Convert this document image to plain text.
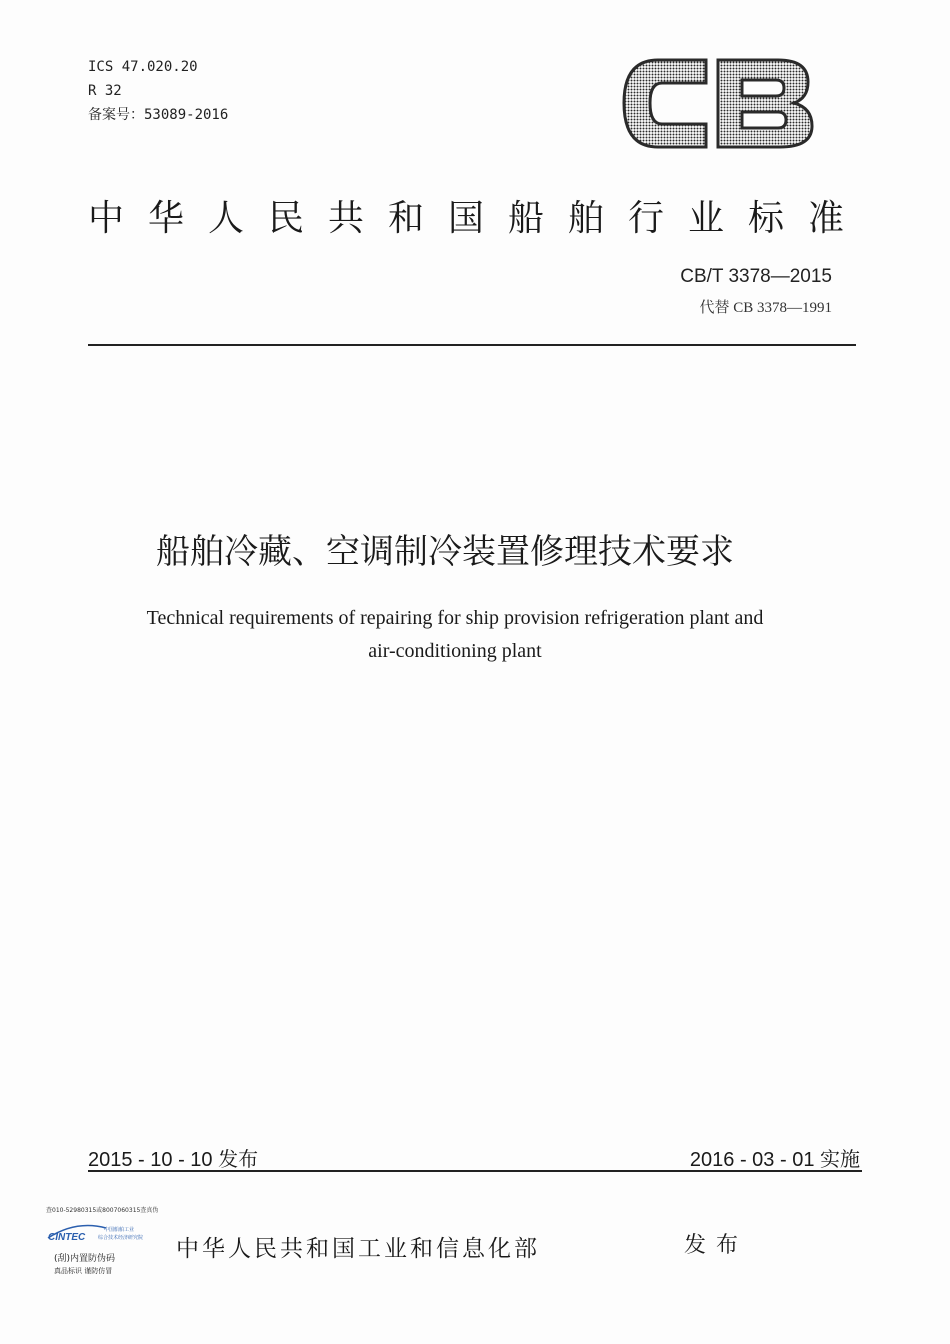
ICS 47.020.20
R 32
备案号：53089-2016
中华人民共和国船舶行业标准
CB/T 3378—2015
代替 CB 3378—1991
船舶冷藏、空调制冷装置修理技术要求
Technical requirements of repairing for ship provision refrigeration plant and
air-conditioning plant
2015 - 10 - 10 发布	2016 - 03 - 01 实施
查010-52980315或8007060315查真伪
CINTEC
中国船舶工业
综合技术经济研究院
(刮)内置防伪码
真品标识 谨防仿冒
中华人民共和国工业和信息化部	发布
